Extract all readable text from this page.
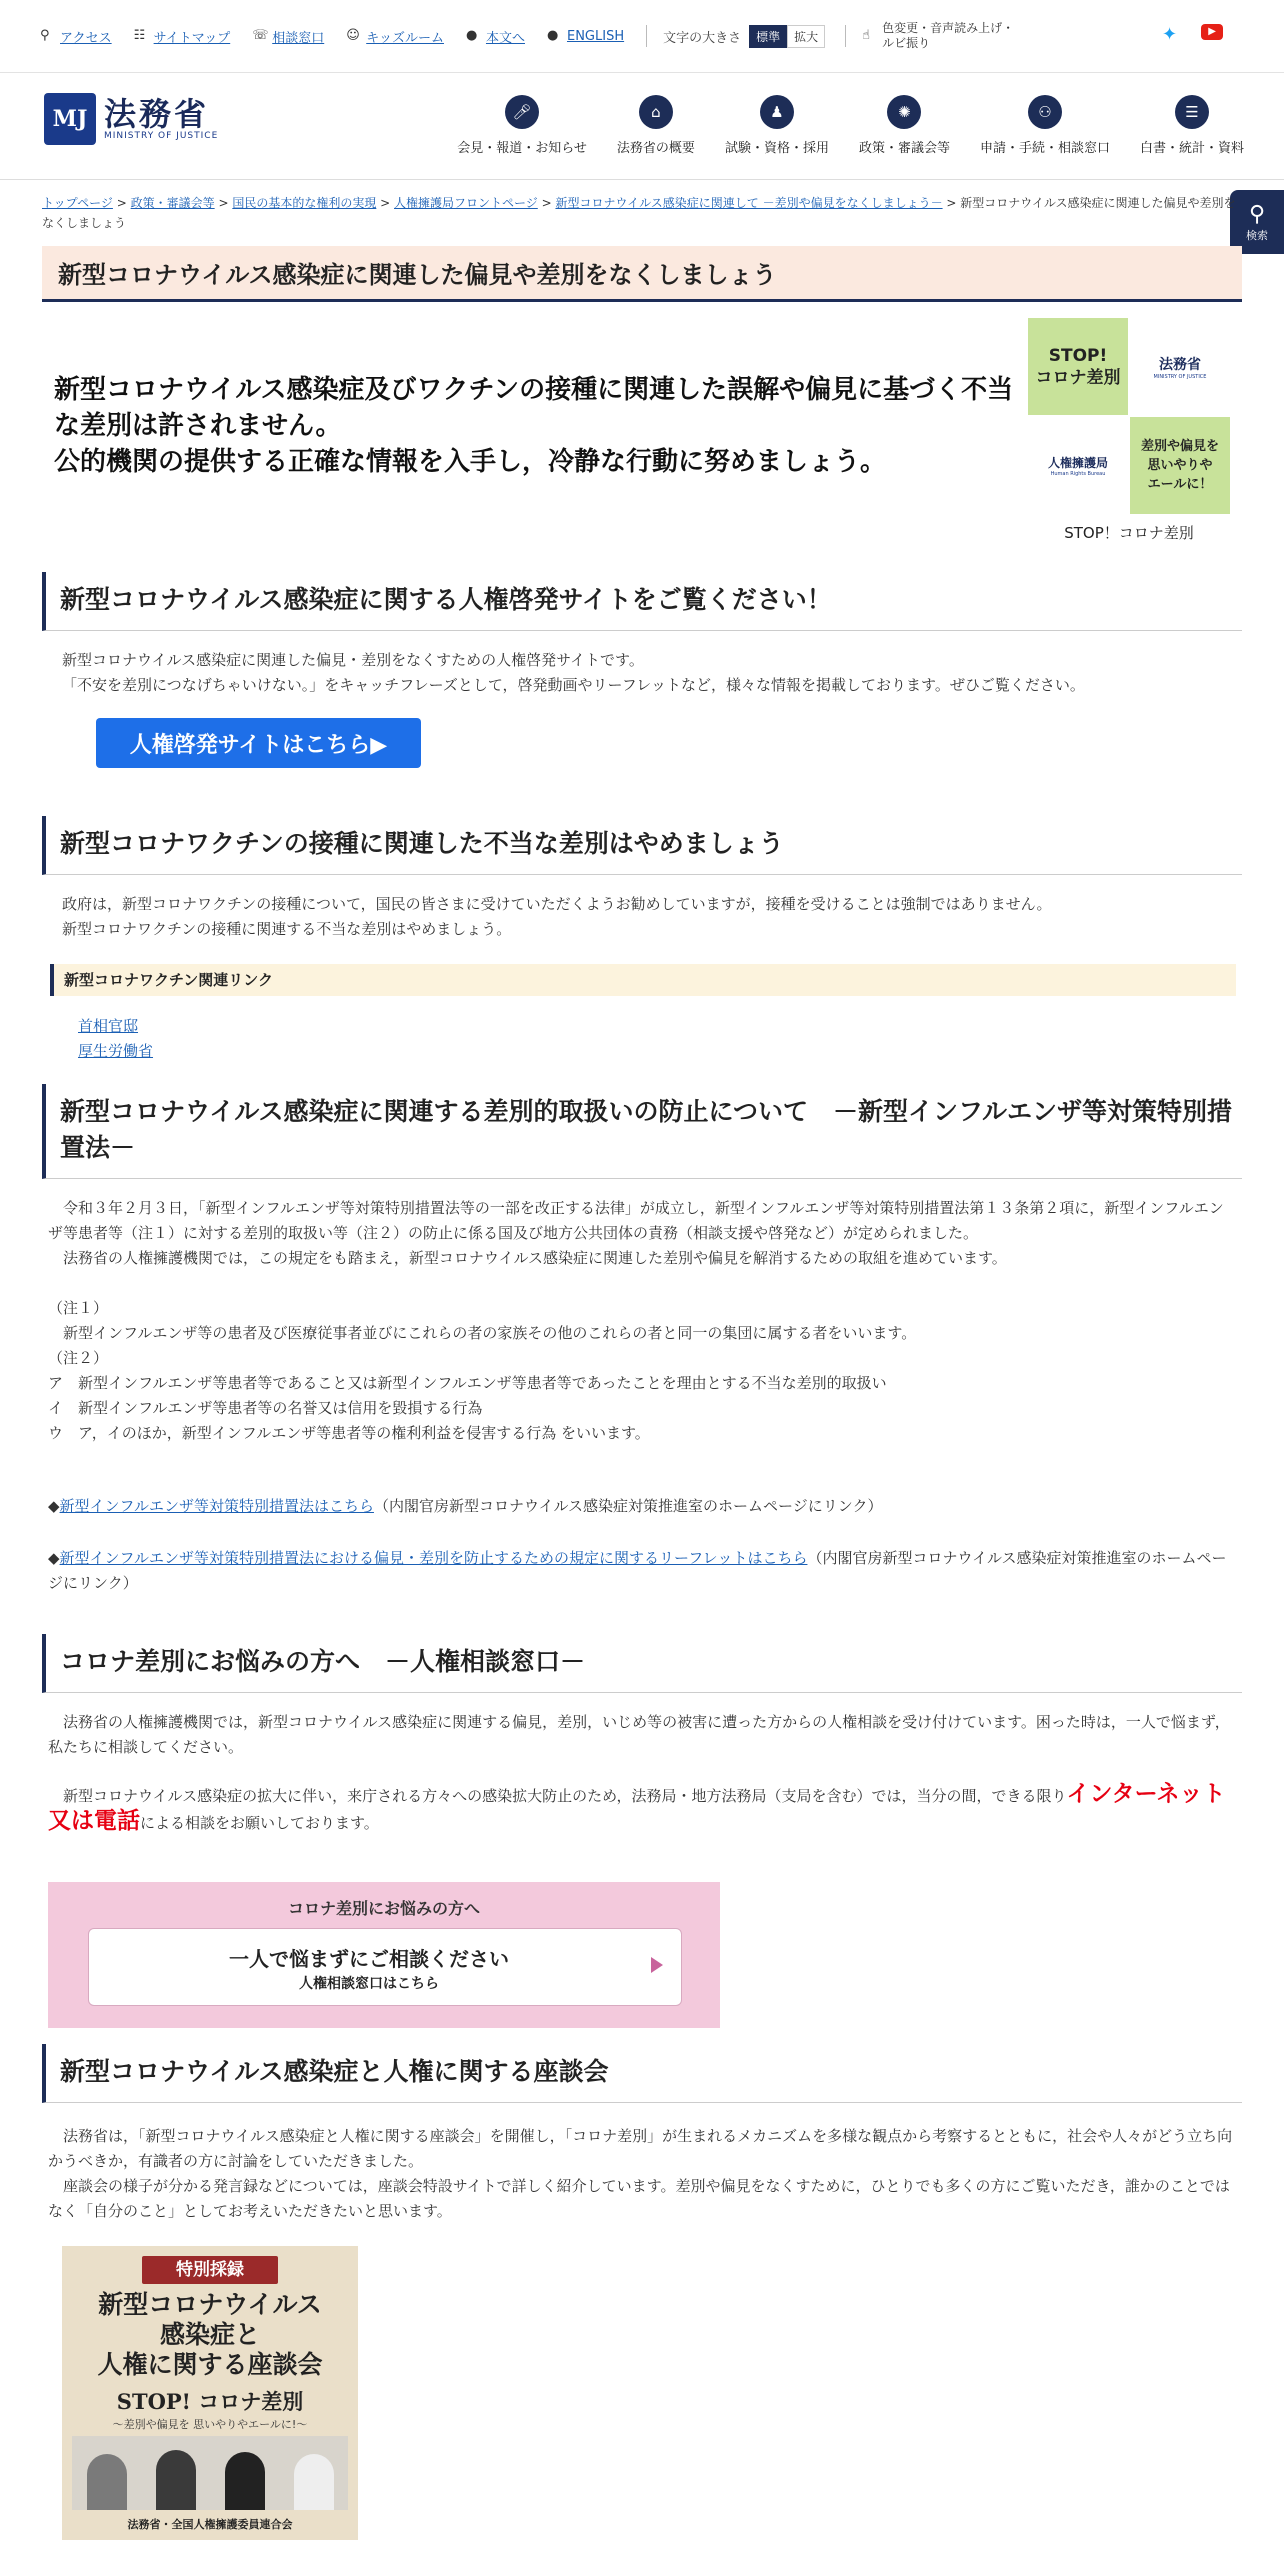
⚲ アクセス ☷ サイトマップ ☏ 相談窓口 ☺ キッズルーム ● 本文へ ● ENGLISH	文字の大きさ	標準	拡大	☝	色変更・音声読み上げ・
ルビ振り	✦	▶
MJ 法務省
MINISTRY OF JUSTICE
🎤︎
会見・報道・お知らせ
⌂
法務省の概要
♟
試験・資格・採用
✺
政策・審議会等
⚇
申請・手続・相談窓口
☰
白書・統計・資料
⚲
検索
トップページ > 政策・審議会等 > 国民の基本的な権利の実現 > 人権擁護局フロントページ > 新型コロナウイルス感染症に関連して －差別や偏見をなくしましょう－ > 新型コロナウイルス感染症に関連した偏見や差別をなくしましょう
新型コロナウイルス感染症に関連した偏見や差別をなくしましょう
新型コロナウイルス感染症及びワクチンの接種に関連した誤解や偏見に基づく不当な差別は許されません。
公的機関の提供する正確な情報を入手し，冷静な行動に努めましょう。
STOP!
コロナ差別
法務省
MINISTRY OF JUSTICE
人権擁護局
Human Rights Bureau
差別や偏見を
思いやりや
エールに！
STOP！コロナ差別
新型コロナウイルス感染症に関する人権啓発サイトをご覧ください！
新型コロナウイルス感染症に関連した偏見・差別をなくすための人権啓発サイトです。
「不安を差別につなげちゃいけない。」をキャッチフレーズとして，啓発動画やリーフレットなど，様々な情報を掲載しております。ぜひご覧ください。
人権啓発サイトはこちら▶
新型コロナワクチンの接種に関連した不当な差別はやめましょう
政府は，新型コロナワクチンの接種について，国民の皆さまに受けていただくようお勧めしていますが，接種を受けることは強制ではありません。
新型コロナワクチンの接種に関連する不当な差別はやめましょう。
新型コロナワクチン関連リンク
首相官邸
厚生労働省
新型コロナウイルス感染症に関連する差別的取扱いの防止について　－新型インフルエンザ等対策特別措置法－
　令和３年２月３日，「新型インフルエンザ等対策特別措置法等の一部を改正する法律」が成立し，新型インフルエンザ等対策特別措置法第１３条第２項に，新型インフルエンザ等患者等（注１）に対する差別的取扱い等（注２）の防止に係る国及び地方公共団体の責務（相談支援や啓発など）が定められました。
　法務省の人権擁護機関では，この規定をも踏まえ，新型コロナウイルス感染症に関連した差別や偏見を解消するための取組を進めています。
（注１）
　新型インフルエンザ等の患者及び医療従事者並びにこれらの者の家族その他のこれらの者と同一の集団に属する者をいいます。
（注２）
ア　新型インフルエンザ等患者等であること又は新型インフルエンザ等患者等であったことを理由とする不当な差別的取扱い
イ　新型インフルエンザ等患者等の名誉又は信用を毀損する行為
ウ　ア，イのほか，新型インフルエンザ等患者等の権利利益を侵害する行為 をいいます。
◆新型インフルエンザ等対策特別措置法はこちら（内閣官房新型コロナウイルス感染症対策推進室のホームページにリンク）
◆新型インフルエンザ等対策特別措置法における偏見・差別を防止するための規定に関するリーフレットはこちら（内閣官房新型コロナウイルス感染症対策推進室のホームページにリンク）
コロナ差別にお悩みの方へ　－人権相談窓口－
　法務省の人権擁護機関では，新型コロナウイルス感染症に関連する偏見，差別，いじめ等の被害に遭った方からの人権相談を受け付けています。困った時は，一人で悩まず，私たちに相談してください。
　新型コロナウイルス感染症の拡大に伴い，来庁される方々への感染拡大防止のため，法務局・地方法務局（支局を含む）では，当分の間，できる限りインターネット又は電話による相談をお願いしております。
コロナ差別にお悩みの方へ
一人で悩まずにご相談ください
人権相談窓口はこちら
新型コロナウイルス感染症と人権に関する座談会
　法務省は，「新型コロナウイルス感染症と人権に関する座談会」を開催し，「コロナ差別」が生まれるメカニズムを多様な観点から考察するとともに，社会や人々がどう立ち向かうべきか，有識者の方に討論をしていただきました。
　座談会の様子が分かる発言録などについては，座談会特設サイトで詳しく紹介しています。差別や偏見をなくすために，ひとりでも多くの方にご覧いただき，誰かのことではなく「自分のこと」としてお考えいただきたいと思います。
特別採録
新型コロナウイルス
感染症と
人権に関する座談会
STOP! コロナ差別
～差別や偏見を 思いやりやエールに!～
法務省・全国人権擁護委員連合会
